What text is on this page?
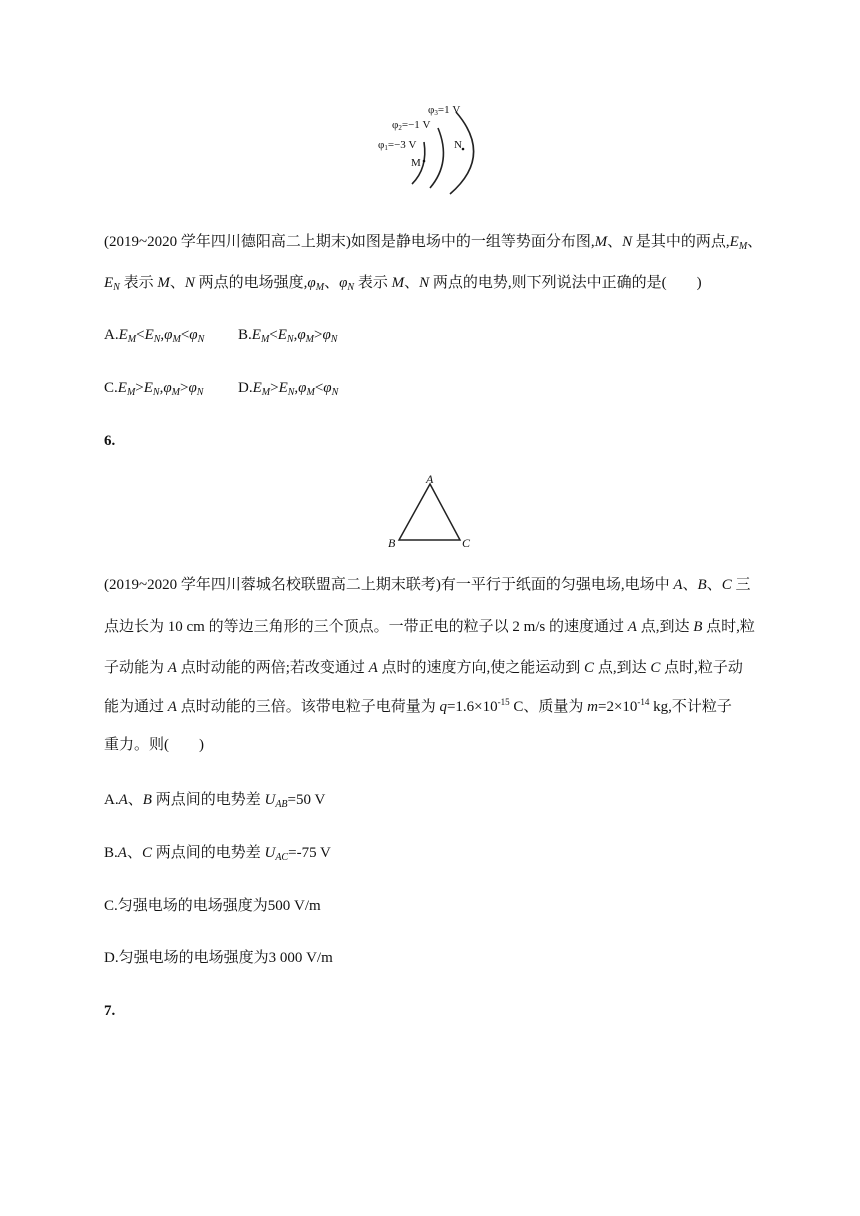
φ3=1 V
φ2=−1 V
φ1=−3 V
M
N
(2019~2020 学年四川德阳高二上期末)如图是静电场中的一组等势面分布图,M、N 是其中的两点$,E_M$、
$E_N$ 表示 M、N 两点的电场强度$,\varphi_M$、$\varphi_N$ 表示 M、N 两点的电势,则下列说法中正确的是(　　)
$A.E_M<E_N,\varphi_M<\varphi_N$ $B.E_M<E_N,\varphi_M>\varphi_N$
$C.E_M>E_N,\varphi_M>\varphi_N$ $D.E_M>E_N,\varphi_M<\varphi_N$
6.
A
B	C
(2019~2020 学年四川蓉城名校联盟高二上期末联考)有一平行于纸面的匀强电场,电场中 A、B、C 三
点边长为 10 cm 的等边三角形的三个顶点。一带正电的粒子以 2 m/s 的速度通过 A 点,到达 B 点时,粒
子动能为 A 点时动能的两倍;若改变通过 A 点时的速度方向,使之能运动到 C 点,到达 C 点时,粒子动
能为通过 A 点时动能的三倍。该带电粒子电荷量为 $q=1.6\times 10^{-15}$ C、质量为 $m=2\times 10^{-14}$ kg,不计粒子
重力。则(　　)
A.A、B 两点间的电势差 $U_{AB}=50$ V
B.A、C 两点间的电势差 $U_{AC}=-75$ V
C.匀强电场的电场强度为500 V/m
D.匀强电场的电场强度为3 000 V/m
7.
